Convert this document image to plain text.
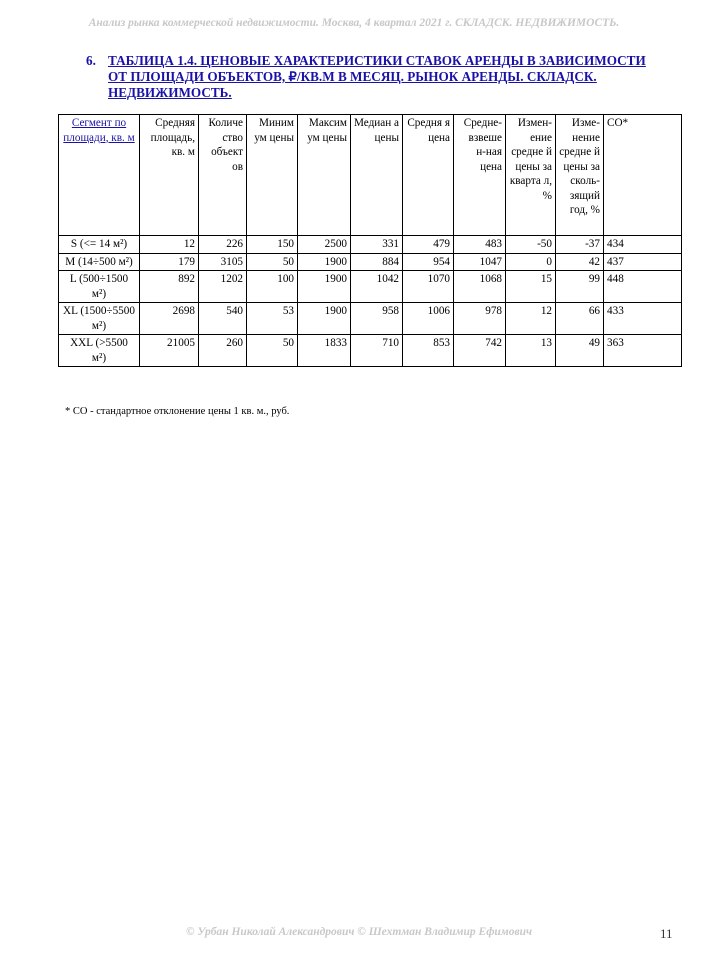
Анализ рынка коммерческой недвижимости. Москва, 4 квартал 2021 г. СКЛАДСК. НЕДВИЖИМОСТЬ.
6. ТАБЛИЦА 1.4. ЦЕНОВЫЕ ХАРАКТЕРИСТИКИ СТАВОК АРЕНДЫ В ЗАВИСИМОСТИ ОТ ПЛОЩАДИ ОБЪЕКТОВ, ₽/КВ.М В МЕСЯЦ. РЫНОК АРЕНДЫ. СКЛАДСК. НЕДВИЖИМОСТЬ.
Сегмент по площади, кв. м	Средняя площадь, кв. м	Количе ство объект ов	Миним ум цены	Максим ум цены	Медиан а цены	Средня я цена	Средне-взвеше н-ная цена	Измен-ение средне й цены за кварта л, %	Изме-нение средне й цены за сколь-зящий год, %	СО*
S (<= 14 м²)	12	226	150	2500	331	479	483	-50	-37	434
M (14÷500 м²)	179	3105	50	1900	884	954	1047	0	42	437
L (500÷1500 м²)	892	1202	100	1900	1042	1070	1068	15	99	448
XL (1500÷5500 м²)	2698	540	53	1900	958	1006	978	12	66	433
XXL (>5500 м²)	21005	260	50	1833	710	853	742	13	49	363
* СО - стандартное отклонение цены 1 кв. м., руб.
© Урбан Николай Александрович © Шехтман Владимир Ефимович	11
